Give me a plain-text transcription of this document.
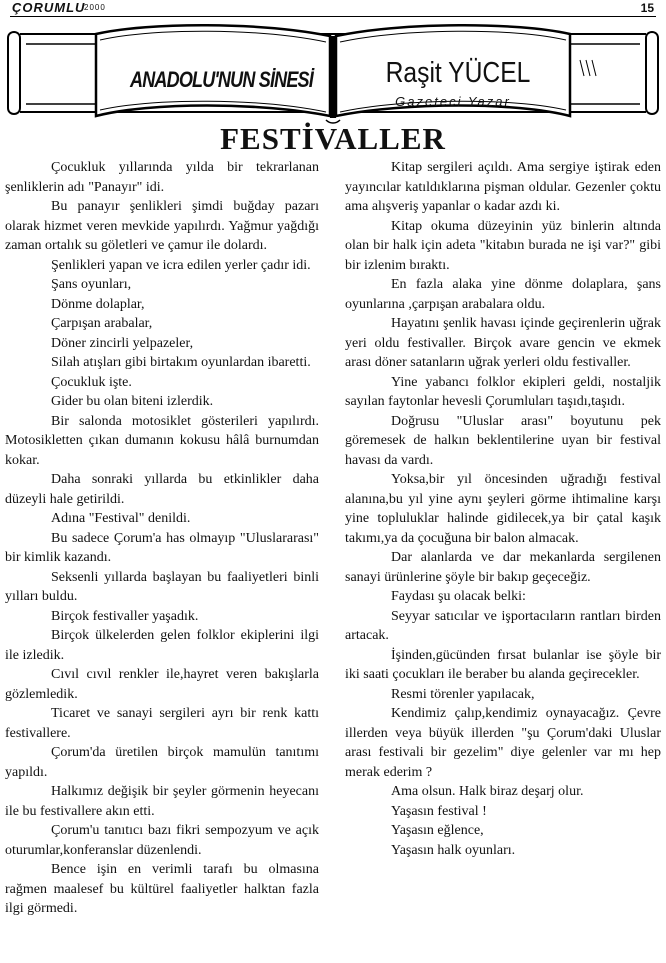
ÇORUMLU
2000	15
ANADOLU'NUN SİNESİ	Raşit YÜCEL
Gazeteci Yazar
FESTİVALLER

Çocukluk yıllarında yılda bir tekrarlanan şenliklerin adı "Panayır" idi.

Bu panayır şenlikleri şimdi buğday pazarı olarak hizmet veren mevkide yapılırdı. Yağmur yağdığı zaman ortalık su göletleri ve çamur ile dolardı.

Şenlikleri yapan ve icra edilen yerler çadır idi.

Şans oyunları,

Dönme dolaplar,

Çarpışan arabalar,

Döner zincirli yelpazeler,

Silah atışları gibi birtakım oyunlardan ibaretti.

Çocukluk işte.

Gider bu olan biteni izlerdik.

Bir salonda motosiklet gösterileri yapılırdı. Motosikletten çıkan dumanın kokusu hâlâ burnumdan kokar.

Daha sonraki yıllarda bu etkinlikler daha düzeyli hale getirildi.

Adına "Festival" denildi.

Bu sadece Çorum'a has olmayıp "Uluslararası" bir kimlik kazandı.

Seksenli yıllarda başlayan bu faaliyetleri binli yılları buldu.

Birçok festivaller yaşadık.

Birçok ülkelerden gelen folklor ekiplerini ilgi ile izledik.

Cıvıl cıvıl renkler ile,hayret veren bakışlarla gözlemledik.

Ticaret ve sanayi sergileri ayrı bir renk kattı festivallere.

Çorum'da üretilen birçok mamulün tanıtımı yapıldı.

Halkımız değişik bir şeyler görmenin heyecanı ile bu festivallere akın etti.

Çorum'u tanıtıcı bazı fikri sempozyum ve açık oturumlar,konferanslar düzenlendi.

Bence işin en verimli tarafı bu olmasına rağmen maalesef bu kültürel faaliyetler halktan fazla ilgi görmedi.

Kitap sergileri açıldı. Ama sergiye iştirak eden yayıncılar katıldıklarına pişman oldular. Gezenler çoktu ama alışveriş yapanlar o kadar azdı ki.

Kitap okuma düzeyinin yüz binlerin altında olan bir halk için adeta "kitabın burada ne işi var?" gibi bir izlenim bıraktı.

En fazla alaka yine dönme dolaplara, şans oyunlarına ,çarpışan arabalara oldu.

Hayatını şenlik havası içinde geçirenlerin uğrak yeri oldu festivaller. Birçok avare gencin ve ekmek arası döner satanların uğrak yerleri oldu festivaller.

Yine yabancı folklor ekipleri geldi, nostaljik sayılan faytonlar hevesli Çorumluları taşıdı,taşıdı.

Doğrusu "Uluslar arası" boyutunu pek göremesek de halkın beklentilerine uyan bir festival havası da vardı.

Yoksa,bir yıl öncesinden uğradığı festival alanına,bu yıl yine aynı şeyleri görme ihtimaline karşı yine topluluklar halinde gidilecek,ya bir çatal kaşık takımı,ya da çocuğuna bir balon almacak.

Dar alanlarda ve dar mekanlarda sergilenen sanayi ürünlerine şöyle bir bakıp geçeceğiz.

Faydası şu olacak belki:

Seyyar satıcılar ve işportacıların rantları birden artacak.

İşinden,gücünden fırsat bulanlar ise şöyle bir iki saati çocukları ile beraber bu alanda geçirecekler.

Resmi törenler yapılacak,

Kendimiz çalıp,kendimiz oynayacağız. Çevre illerden veya büyük illerden "şu Çorum'daki Uluslar arası festivali bir gezelim" diye gelenler var mı hep merak ederim ?

Ama olsun. Halk biraz deşarj olur.

Yaşasın festival !

Yaşasın eğlence,

Yaşasın halk oyunları.
